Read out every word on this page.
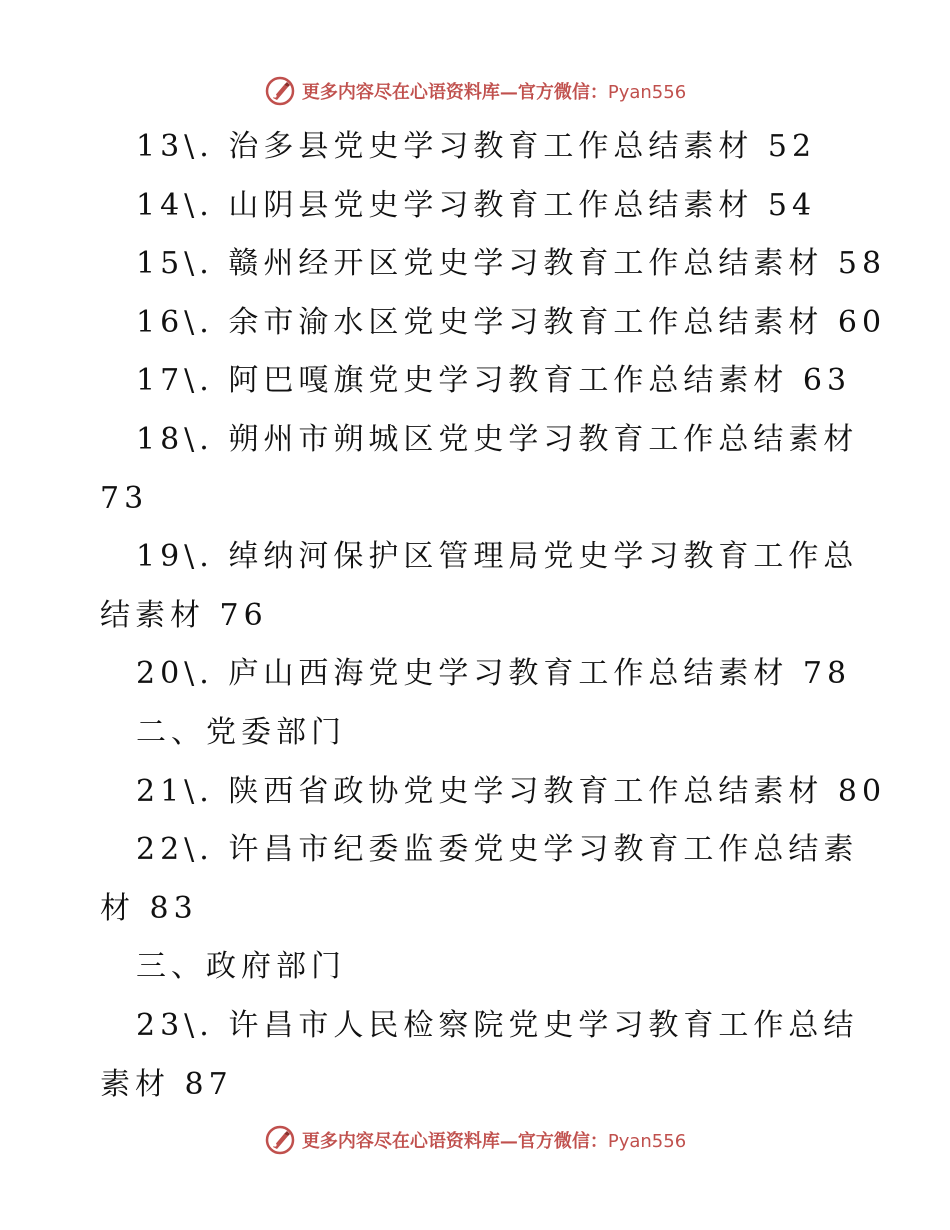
更多内容尽在心语资料库—官方微信：Pyan556
13\. 治多县党史学习教育工作总结素材 52
14\. 山阴县党史学习教育工作总结素材 54
15\. 赣州经开区党史学习教育工作总结素材 58
16\. 余市渝水区党史学习教育工作总结素材 60
17\. 阿巴嘎旗党史学习教育工作总结素材 63
18\. 朔州市朔城区党史学习教育工作总结素材
73
19\. 绰纳河保护区管理局党史学习教育工作总
结素材 76
20\. 庐山西海党史学习教育工作总结素材 78
二、党委部门
21\. 陕西省政协党史学习教育工作总结素材 80
22\. 许昌市纪委监委党史学习教育工作总结素
材 83
三、政府部门
23\. 许昌市人民检察院党史学习教育工作总结
素材 87
更多内容尽在心语资料库—官方微信：Pyan556
